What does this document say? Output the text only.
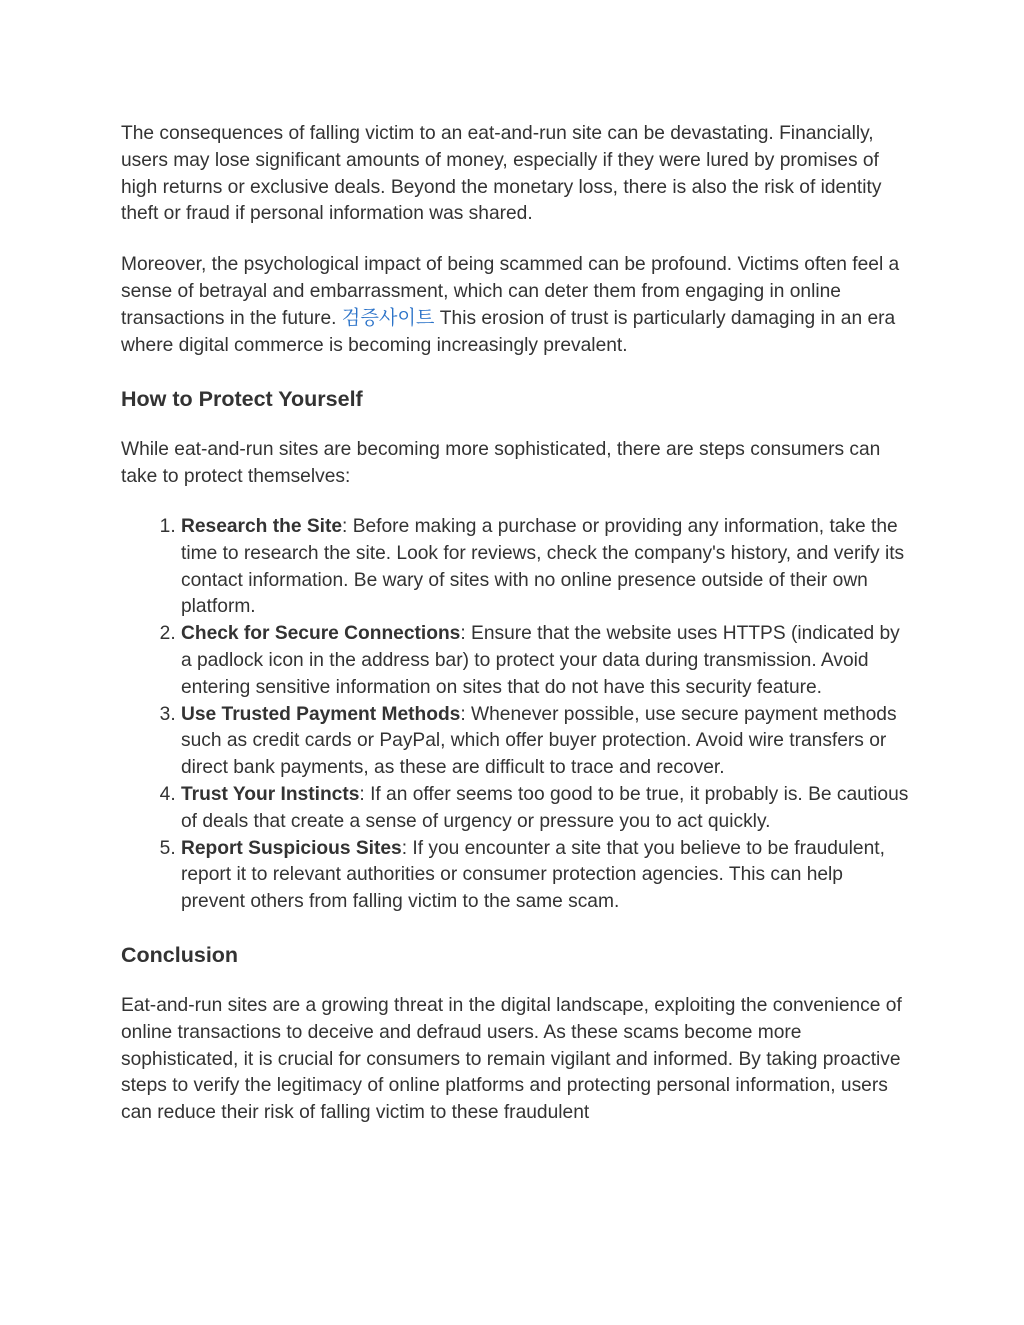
The consequences of falling victim to an eat-and-run site can be devastating. Financially, users may lose significant amounts of money, especially if they were lured by promises of high returns or exclusive deals. Beyond the monetary loss, there is also the risk of identity theft or fraud if personal information was shared.

Moreover, the psychological impact of being scammed can be profound. Victims often feel a sense of betrayal and embarrassment, which can deter them from engaging in online transactions in the future. 검증사이트 This erosion of trust is particularly damaging in an era where digital commerce is becoming increasingly prevalent.

How to Protect Yourself

While eat-and-run sites are becoming more sophisticated, there are steps consumers can take to protect themselves:

1. Research the Site: Before making a purchase or providing any information, take the time to research the site. Look for reviews, check the company's history, and verify its contact information. Be wary of sites with no online presence outside of their own platform.
2. Check for Secure Connections: Ensure that the website uses HTTPS (indicated by a padlock icon in the address bar) to protect your data during transmission. Avoid entering sensitive information on sites that do not have this security feature.
3. Use Trusted Payment Methods: Whenever possible, use secure payment methods such as credit cards or PayPal, which offer buyer protection. Avoid wire transfers or direct bank payments, as these are difficult to trace and recover.
4. Trust Your Instincts: If an offer seems too good to be true, it probably is. Be cautious of deals that create a sense of urgency or pressure you to act quickly.
5. Report Suspicious Sites: If you encounter a site that you believe to be fraudulent, report it to relevant authorities or consumer protection agencies. This can help prevent others from falling victim to the same scam.
Conclusion

Eat-and-run sites are a growing threat in the digital landscape, exploiting the convenience of online transactions to deceive and defraud users. As these scams become more sophisticated, it is crucial for consumers to remain vigilant and informed. By taking proactive steps to verify the legitimacy of online platforms and protecting personal information, users can reduce their risk of falling victim to these fraudulent
